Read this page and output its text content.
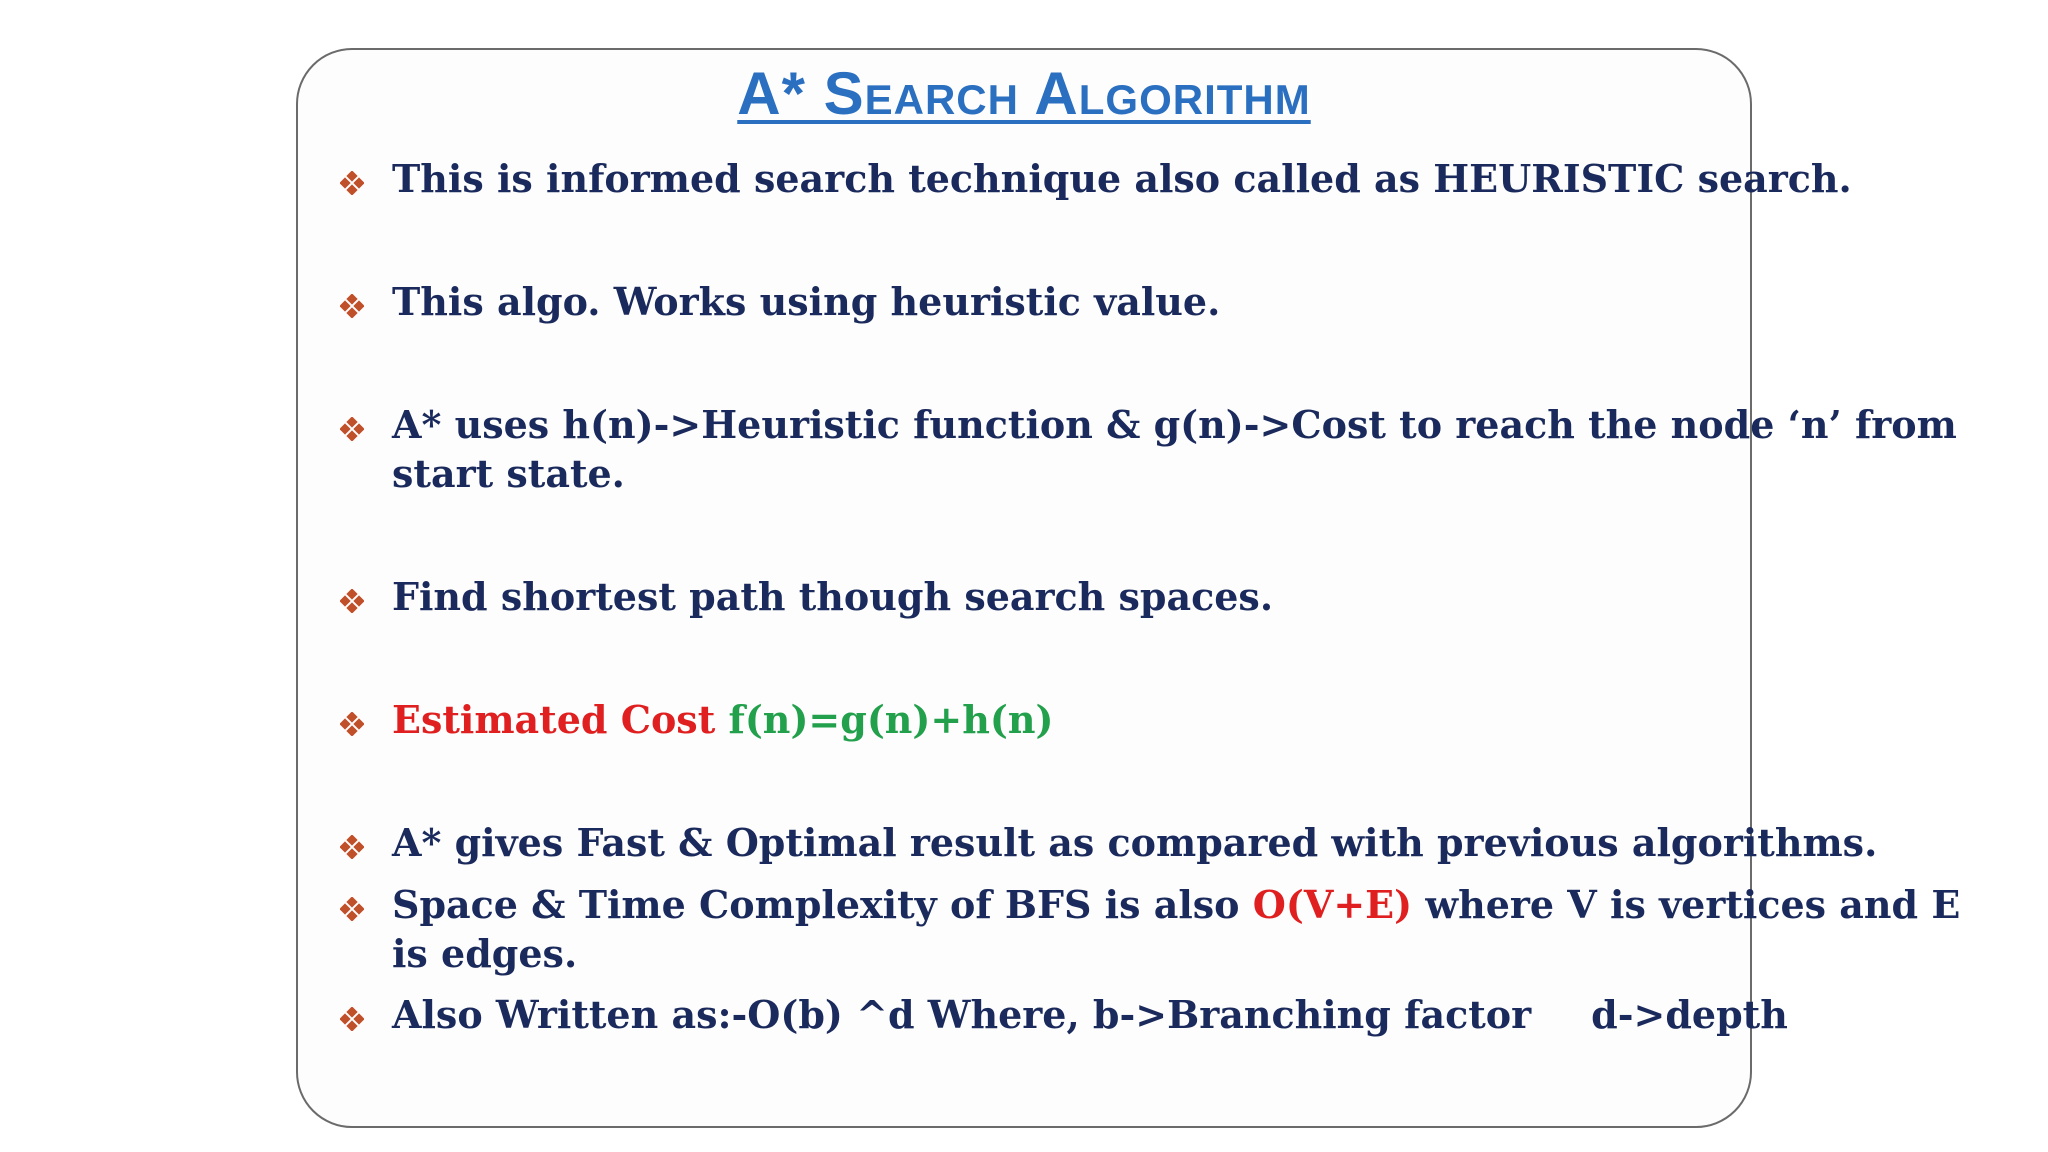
A* Search Algorithm
This is informed search technique also called as HEURISTIC search.
This algo. Works using heuristic value.
A* uses h(n)->Heuristic function & g(n)->Cost to reach the node ‘n’ from
start state.
Find shortest path though search spaces.
Estimated Cost f(n)=g(n)+h(n)
A* gives Fast & Optimal result as compared with previous algorithms.
Space & Time Complexity of BFS is also O(V+E) where V is vertices and E
is edges.
Also Written as:-O(b) ^d Where, b->Branching factor d->depth
